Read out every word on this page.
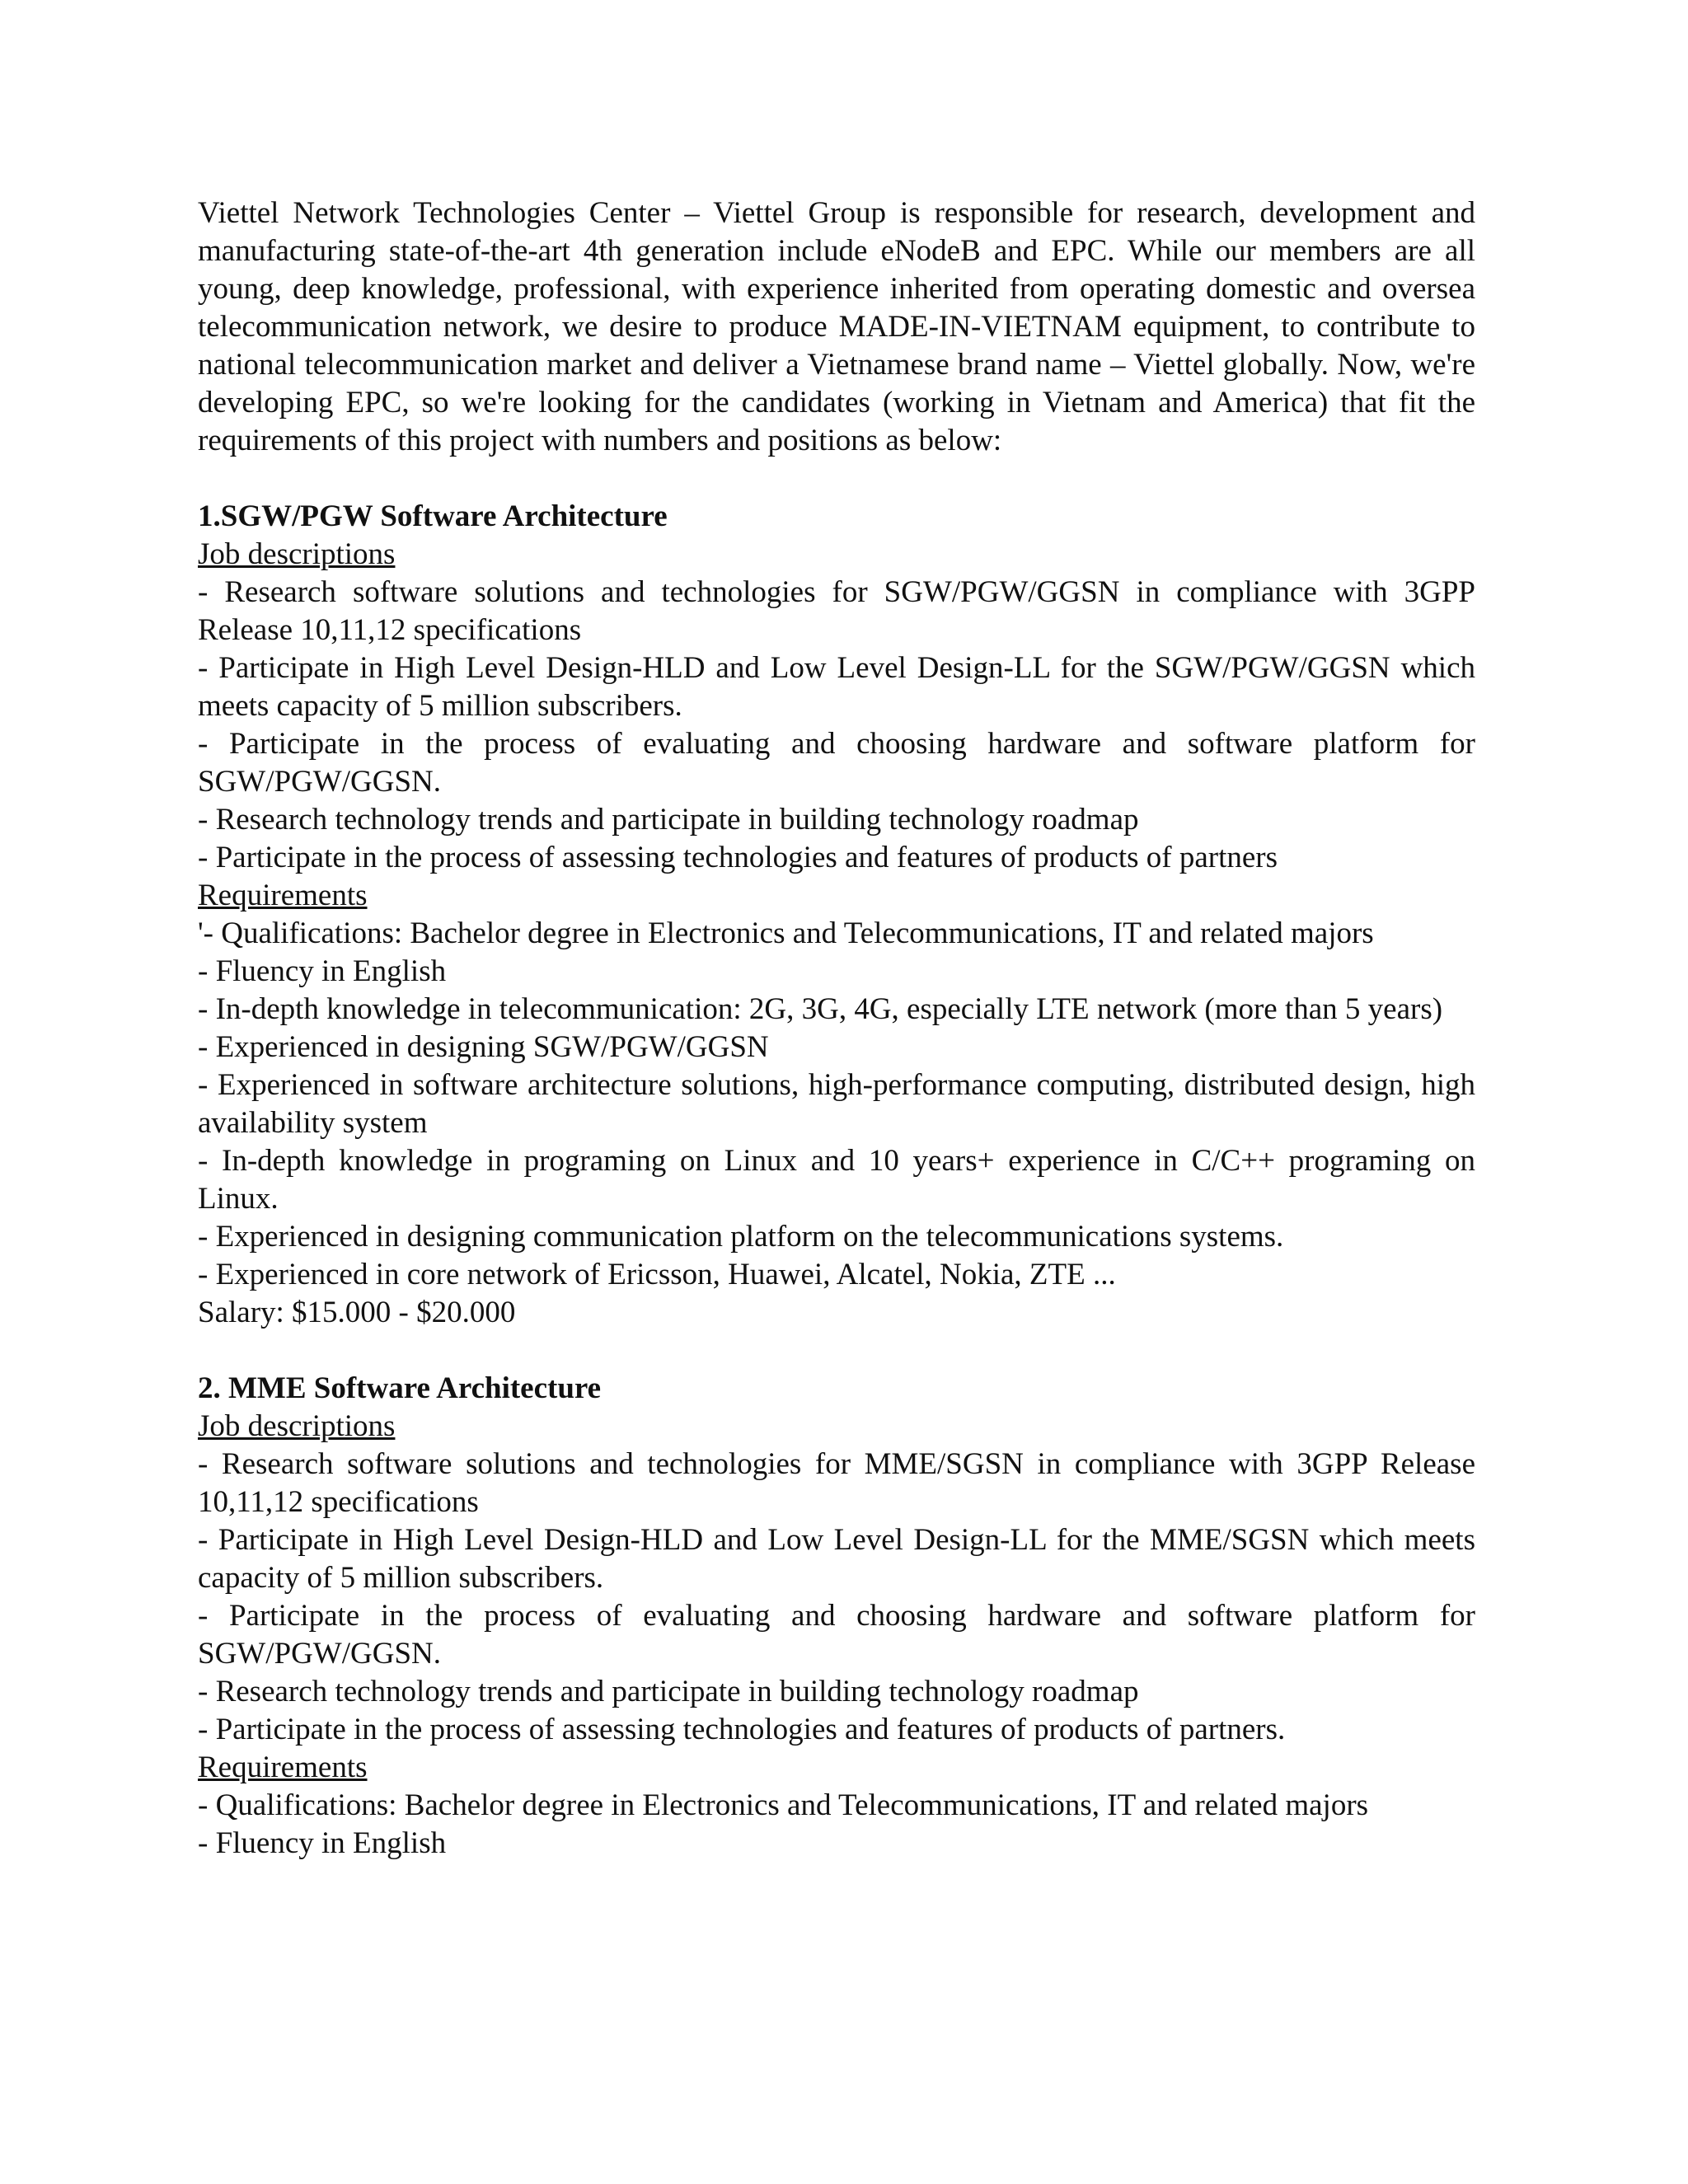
Viettel Network Technologies Center – Viettel Group is responsible for research, development and manufacturing state-of-the-art 4th generation include eNodeB and EPC. While our members are all young, deep knowledge, professional, with experience inherited from operating domestic and oversea telecommunication network, we desire to produce MADE-IN-VIETNAM equipment, to contribute to national telecommunication market and deliver a Vietnamese brand name – Viettel globally. Now, we're developing EPC, so we're looking for the candidates (working in Vietnam and America) that fit the requirements of this project with numbers and positions as below:

1.SGW/PGW Software Architecture

Job descriptions

- Research software solutions and technologies for SGW/PGW/GGSN in compliance with 3GPP Release 10,11,12 specifications
- Participate in High Level Design-HLD and Low Level Design-LL for the SGW/PGW/GGSN which meets capacity of 5 million subscribers.
- Participate in the process of evaluating and choosing hardware and software platform for SGW/PGW/GGSN.
- Research technology trends and participate in building technology roadmap
- Participate in the process of assessing technologies and features of products of partners

Requirements

'- Qualifications: Bachelor degree in Electronics and Telecommunications, IT and related majors
- Fluency in English
- In-depth knowledge in telecommunication: 2G, 3G, 4G, especially LTE network (more than 5 years)
- Experienced in designing SGW/PGW/GGSN
- Experienced in software architecture solutions, high-performance computing, distributed design, high availability system
- In-depth knowledge in programing on Linux and 10 years+ experience in C/C++ programing on Linux.
- Experienced in designing communication platform on the telecommunications systems.
- Experienced in core network of Ericsson, Huawei, Alcatel, Nokia, ZTE ...

Salary: $15.000 - $20.000

2. MME Software Architecture

Job descriptions

- Research software solutions and technologies for MME/SGSN in compliance with 3GPP Release 10,11,12 specifications
- Participate in High Level Design-HLD and Low Level Design-LL for the MME/SGSN which meets capacity of 5 million subscribers.
- Participate in the process of evaluating and choosing hardware and software platform for SGW/PGW/GGSN.
- Research technology trends and participate in building technology roadmap
- Participate in the process of assessing technologies and features of products of partners.

Requirements

- Qualifications: Bachelor degree in Electronics and Telecommunications, IT and related majors
- Fluency in English
